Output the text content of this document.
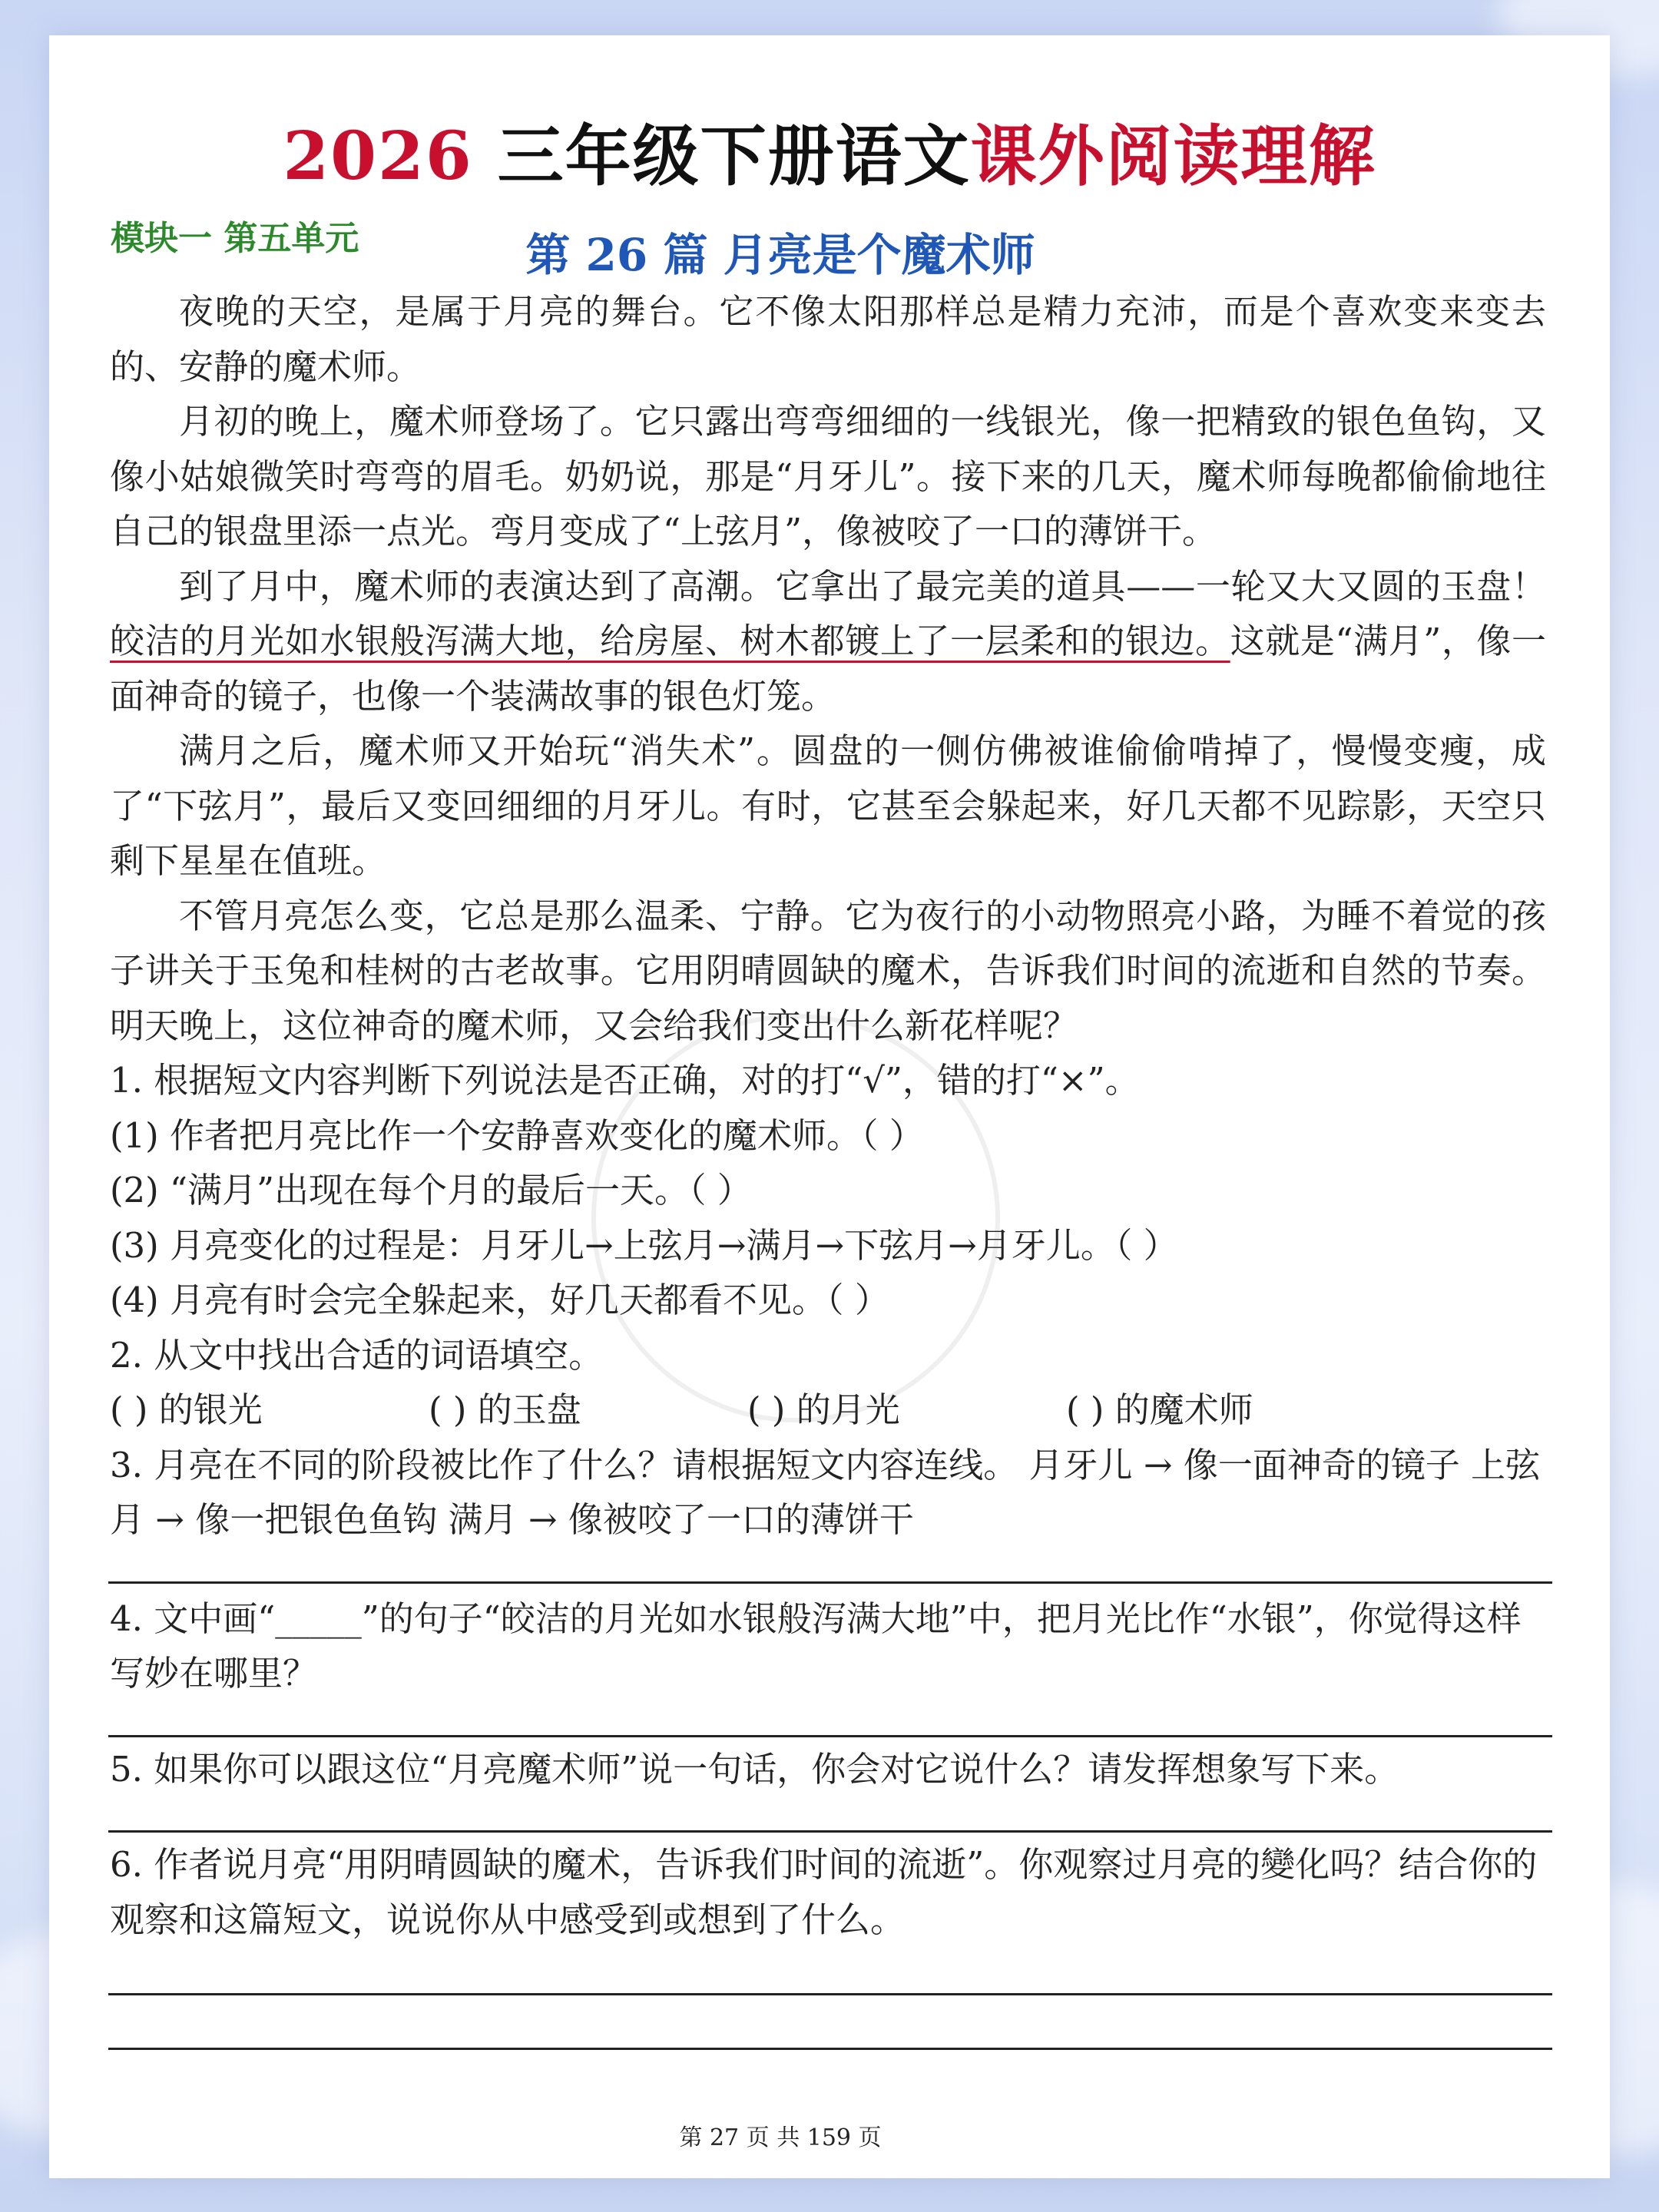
2026 三年级下册语文课外阅读理解
模块一 第五单元	第 26 篇 月亮是个魔术师

夜晚的天空，是属于月亮的舞台。它不像太阳那样总是精力充沛，而是个喜欢变来变去的、安静的魔术师。

月初的晚上，魔术师登场了。它只露出弯弯细细的一线银光，像一把精致的银色鱼钩，又像小姑娘微笑时弯弯的眉毛。奶奶说，那是“月牙儿”。接下来的几天，魔术师每晚都偷偷地往自己的银盘里添一点光。弯月变成了“上弦月”，像被咬了一口的薄饼干。

到了月中，魔术师的表演达到了高潮。它拿出了最完美的道具——一轮又大又圆的玉盘！皎洁的月光如水银般泻满大地，给房屋、树木都镀上了一层柔和的银边。这就是“满月”，像一面神奇的镜子，也像一个装满故事的银色灯笼。

满月之后，魔术师又开始玩“消失术”。圆盘的一侧仿佛被谁偷偷啃掉了，慢慢变瘦，成了“下弦月”，最后又变回细细的月牙儿。有时，它甚至会躲起来，好几天都不见踪影，天空只剩下星星在值班。

不管月亮怎么变，它总是那么温柔、宁静。它为夜行的小动物照亮小路，为睡不着觉的孩子讲关于玉兔和桂树的古老故事。它用阴晴圆缺的魔术，告诉我们时间的流逝和自然的节奏。明天晚上，这位神奇的魔术师，又会给我们变出什么新花样呢？

1. 根据短文内容判断下列说法是否正确，对的打“√”，错的打“×”。

(1) 作者把月亮比作一个安静喜欢变化的魔术师。（ ）

(2) “满月”出现在每个月的最后一天。（ ）

(3) 月亮变化的过程是：月牙儿→上弦月→满月→下弦月→月牙儿。（ ）

(4) 月亮有时会完全躲起来，好几天都看不见。（ ）

2. 从文中找出合适的词语填空。

( ) 的银光	( ) 的玉盘	( ) 的月光	( ) 的魔术师

3. 月亮在不同的阶段被比作了什么？请根据短文内容连线。 月牙儿 → 像一面神奇的镜子 上弦月 → 像一把银色鱼钩 满月 → 像被咬了一口的薄饼干

4. 文中画“_____”的句子“皎洁的月光如水银般泻满大地”中，把月光比作“水银”，你觉得这样写妙在哪里？

5. 如果你可以跟这位“月亮魔术师”说一句话，你会对它说什么？请发挥想象写下来。

6. 作者说月亮“用阴晴圆缺的魔术，告诉我们时间的流逝”。你观察过月亮的變化吗？结合你的观察和这篇短文，说说你从中感受到或想到了什么。

第 27 页 共 159 页
